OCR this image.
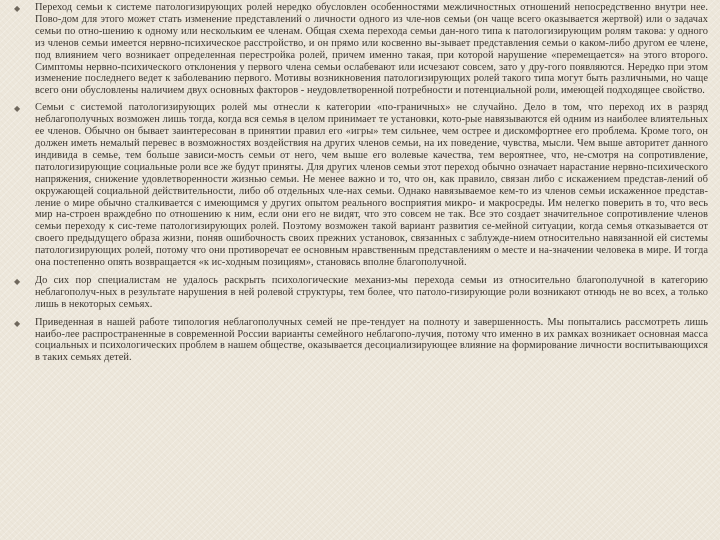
◆ Переход семьи к системе патологизирующих ролей нередко обусловлен особенностями межличностных отношений непосредственно внутри нее. Пово-дом для этого может стать изменение представлений о личности одного из чле-нов семьи (он чаще всего оказывается жертвой) или о задачах семьи по отно-шению к одному или нескольким ее членам. Общая схема перехода семьи дан-ного типа к патологизирующим ролям такова: у одного из членов семьи имеется нервно-психическое расстройство, и он прямо или косвенно вы-зывает представления семьи о каком-либо другом ее члене, под влиянием чего возникает определенная перестройка ролей, причем именно такая, при которой нарушение «перемещается» на этого второго. Симптомы нервно-психического отклонения у первого члена семьи ослабевают или исчезают совсем, зато у дру-гого появляются. Нередко при этом изменение последнего ведет к заболеванию первого. Мотивы возникновения патологизирующих ролей такого типа могут быть различными, но чаще всего они обусловлены наличием двух основных факторов - неудовлетворенной потребности и потенциальной роли, имеющей подходящее свойство.
◆ Семьи с системой патологизирующих ролей мы отнесли к категории «по-граничных» не случайно. Дело в том, что переход их в разряд неблагополучных возможен лишь тогда, когда вся семья в целом принимает те установки, кото-рые навязываются ей одним из наиболее влиятельных ее членов. Обычно он бывает заинтересован в принятии правил его «игры» тем сильнее, чем острее и дискомфортнее его проблема. Кроме того, он должен иметь немалый перевес в возможностях воздействия на других членов семьи, на их поведение, чувства, мысли. Чем выше авторитет данного индивида в семье, тем больше зависи-мость семьи от него, чем выше его волевые качества, тем вероятнее, что, не-смотря на сопротивление, патологизирующие социальные роли все же будут приняты. Для других членов семьи этот переход обычно означает нарастание нервно-психического напряжения, снижение удовлетворенности жизнью семьи. Не менее важно и то, что он, как правило, связан либо с искажением представ-лений об окружающей социальной действительности, либо об отдельных чле-нах семьи. Однако навязываемое кем-то из членов семьи искаженное представ-ление о мире обычно сталкивается с имеющимся у других опытом реального восприятия микро- и макросреды. Им нелегко поверить в то, что весь мир на-строен враждебно по отношению к ним, если они его не видят, что это совсем не так. Все это создает значительное сопротивление членов семьи переходу к сис-теме патологизирующих ролей. Поэтому возможен такой вариант развития се-мейной ситуации, когда семья отказывается от своего предыдущего образа жизни, поняв ошибочность своих прежних установок, связанных с заблужде-нием относительно навязанной ей системы патологизирующих ролей, потому что они противоречат ее основным нравственным представлениям о месте и на-значении человека в мире. И тогда она постепенно опять возвращается «к ис-ходным позициям», становясь вполне благополучной.
◆ До сих пор специалистам не удалось раскрыть психологические механиз-мы перехода семьи из относительно благополучной в категорию неблагополуч-ных в результате нарушения в ней ролевой структуры, тем более, что патоло-гизирующие роли возникают отнюдь не во всех, а только лишь в некоторых семьях.
◆ Приведенная в нашей работе типология неблагополучных семей не пре-тендует на полноту и завершенность. Мы попытались рассмотреть лишь наибо-лее распространенные в современной России варианты семейного неблагопо-лучия, потому что именно в их рамках возникает основная масса социальных и психологических проблем в нашем обществе, оказывается десоциализирующее влияние на формирование личности воспитывающихся в таких семьях детей.
